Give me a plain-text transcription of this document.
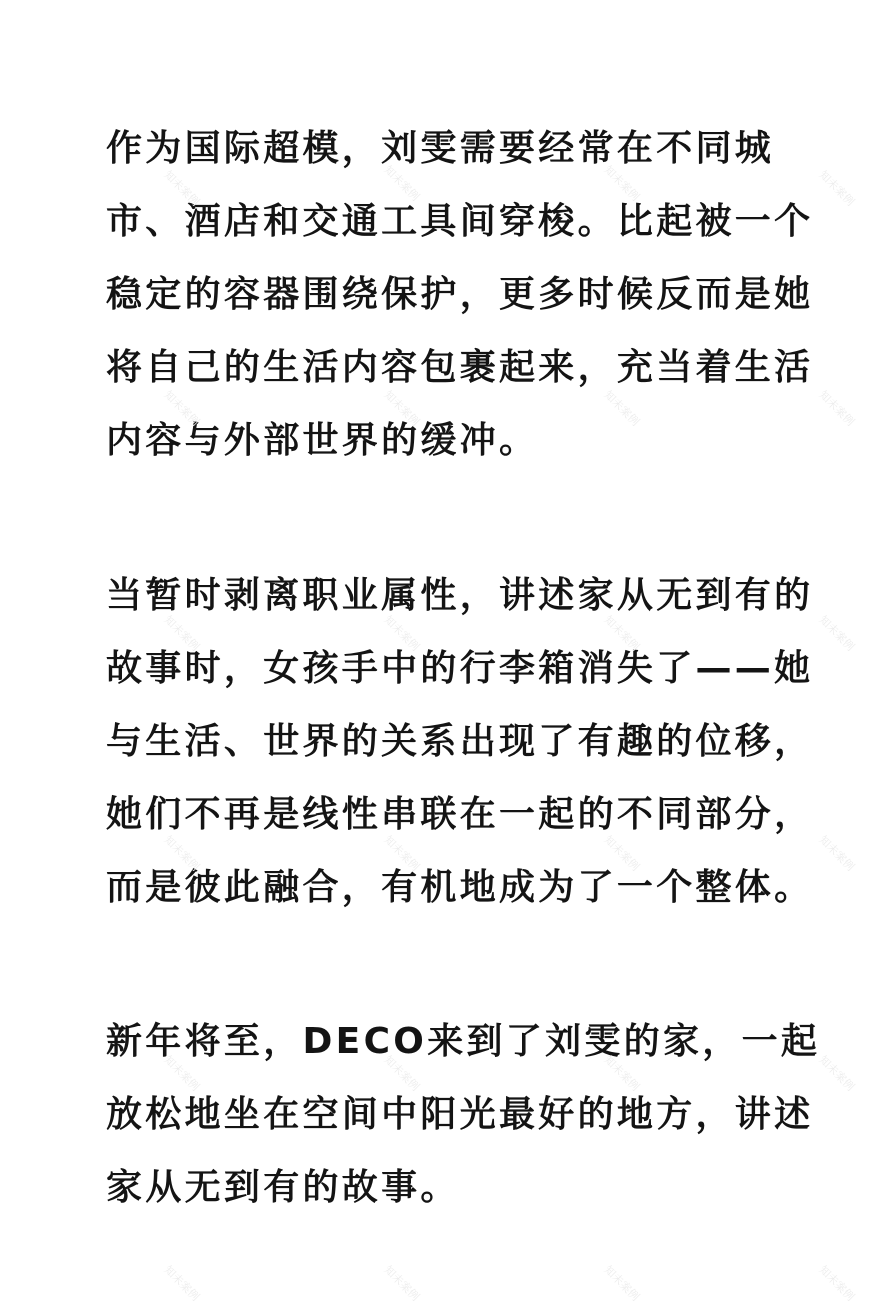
作为国际超模，刘雯需要经常在不同城
市、酒店和交通工具间穿梭。比起被一个
稳定的容器围绕保护，更多时候反而是她
将自己的生活内容包裹起来，充当着生活
内容与外部世界的缓冲。
当暂时剥离职业属性，讲述家从无到有的
故事时，女孩手中的行李箱消失了——她
与生活、世界的关系出现了有趣的位移，
她们不再是线性串联在一起的不同部分，
而是彼此融合，有机地成为了一个整体。
新年将至，DECO来到了刘雯的家，一起
放松地坐在空间中阳光最好的地方，讲述
家从无到有的故事。
知未案例	知未案例	知未案例	知未案例
知未案例	知未案例	知未案例	知未案例
知未案例	知未案例	知未案例	知未案例
知未案例	知未案例	知未案例	知未案例
知未案例	知未案例	知未案例	知未案例
知未案例	知未案例	知未案例	知未案例
